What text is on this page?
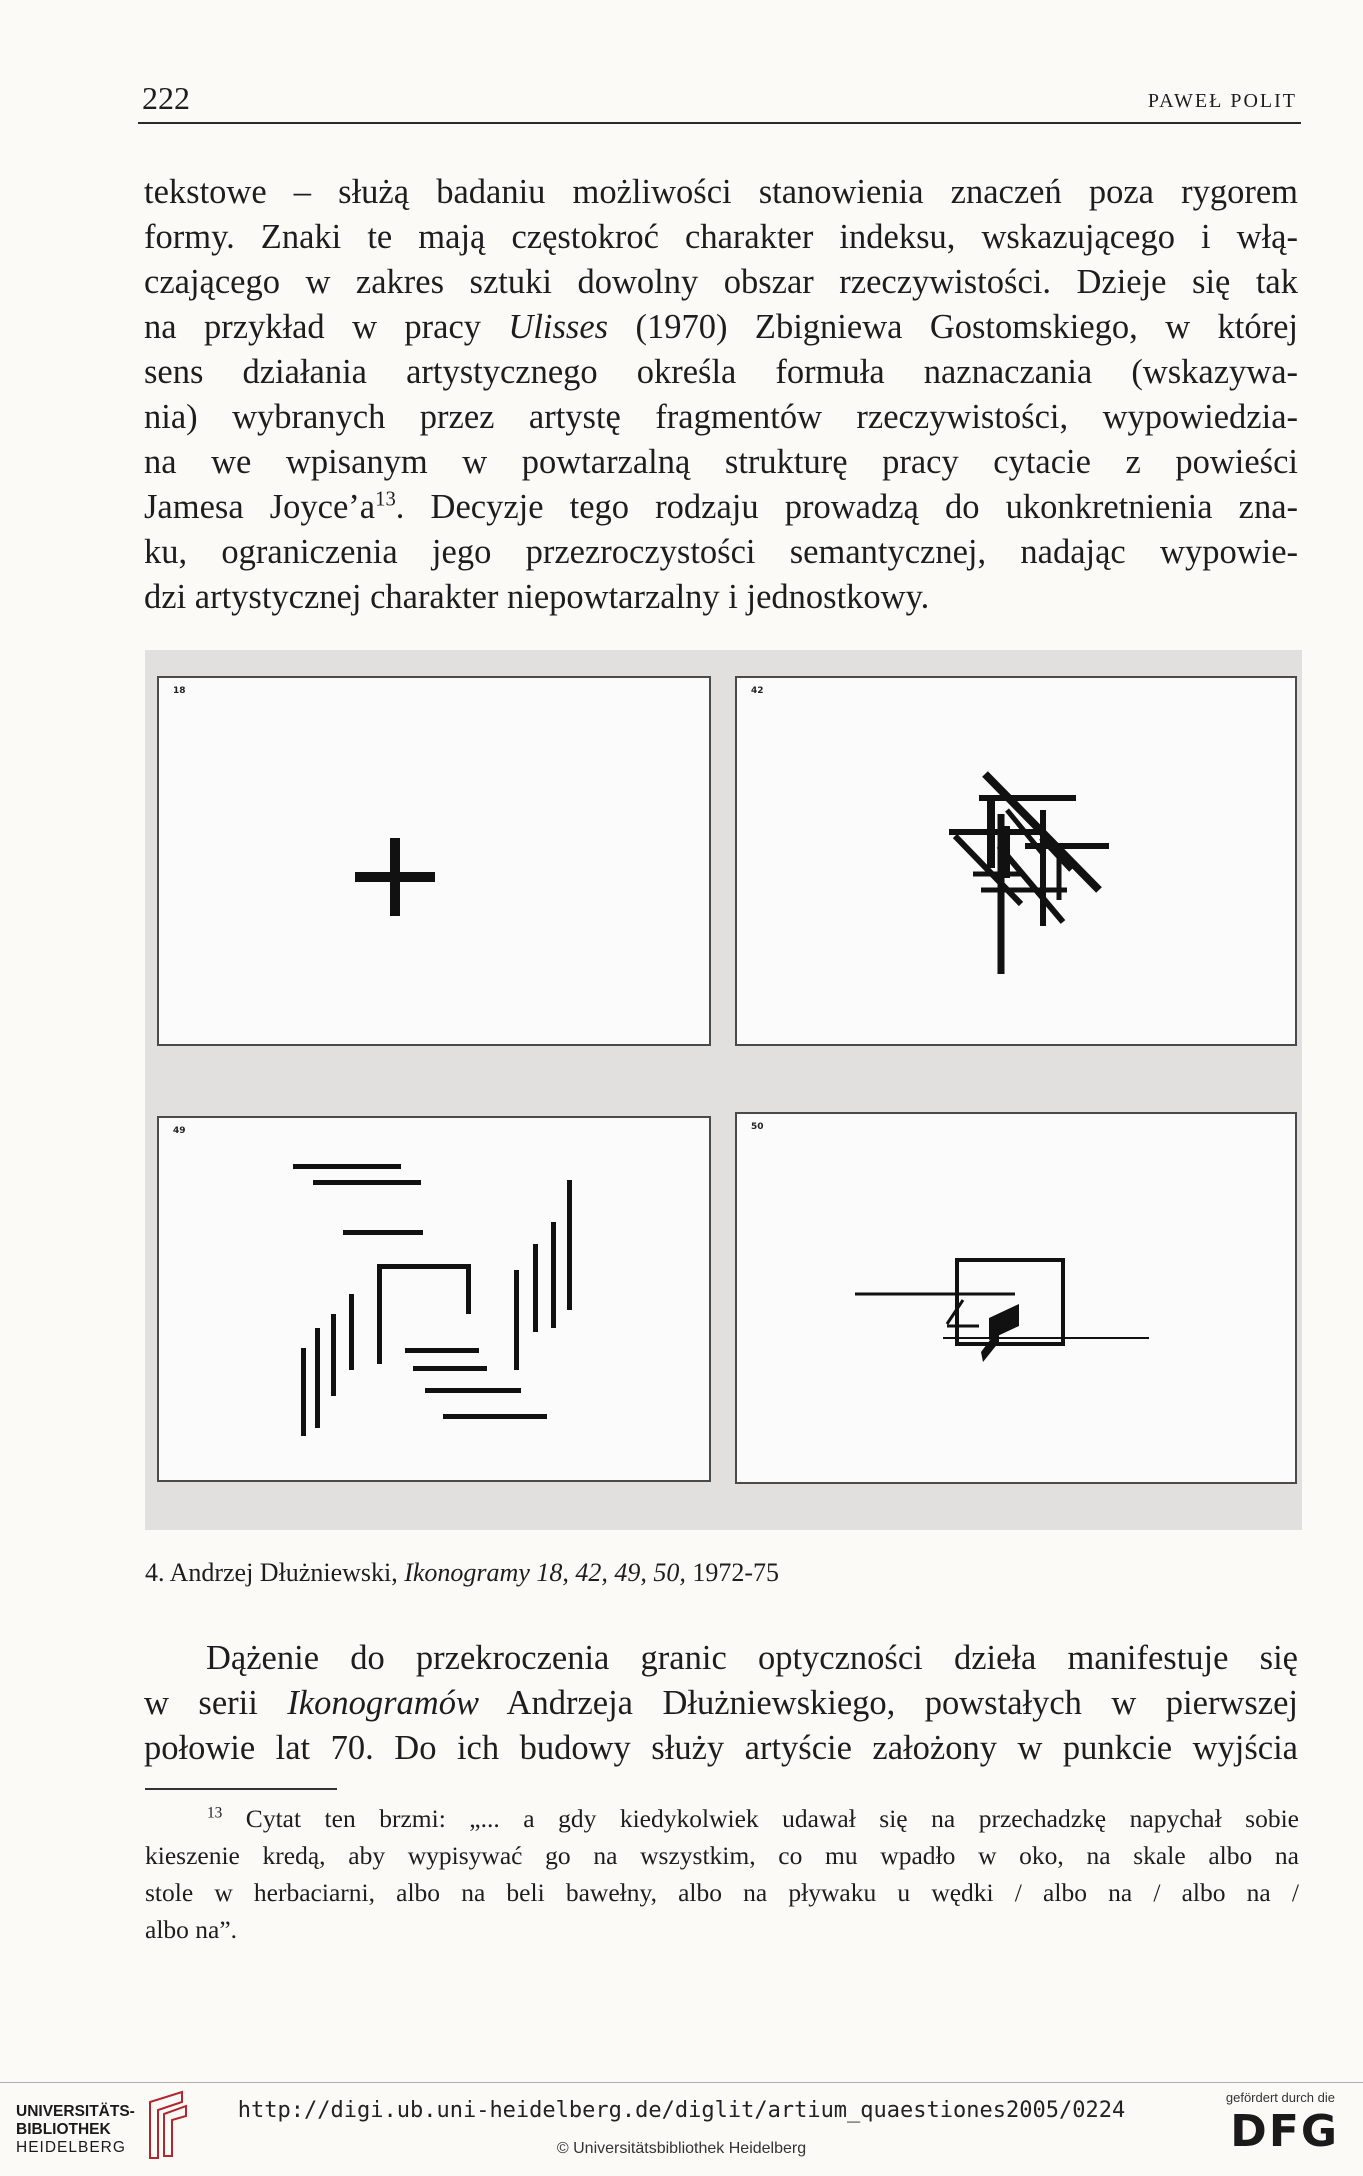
222	PAWEŁ POLIT

tekstowe – służą badaniu możliwości stanowienia znaczeń poza rygorem
formy. Znaki te mają częstokroć charakter indeksu, wskazującego i włą-
czającego w zakres sztuki dowolny obszar rzeczywistości. Dzieje się tak
na przykład w pracy Ulisses (1970) Zbigniewa Gostomskiego, w której
sens działania artystycznego określa formuła naznaczania (wskazywa-
nia) wybranych przez artystę fragmentów rzeczywistości, wypowiedzia-
na we wpisanym w powtarzalną strukturę pracy cytacie z powieści
Jamesa $Joyce’a^{13}$. Decyzje tego rodzaju prowadzą do ukonkretnienia zna-
ku, ograniczenia jego przezroczystości semantycznej, nadając wypowie-
dzi artystycznej charakter niepowtarzalny i jednostkowy.

18	42
49	50
4. Andrzej Dłużniewski, Ikonogramy 18, 42, 49, 50, 1972-75

Dążenie do przekroczenia granic optyczności dzieła manifestuje się
w serii Ikonogramów Andrzeja Dłużniewskiego, powstałych w pierwszej
połowie lat 70. Do ich budowy służy artyście założony w punkcie wyjścia

$^{13}$ Cytat ten brzmi: „... a gdy kiedykolwiek udawał się na przechadzkę napychał sobie
kieszenie kredą, aby wypisywać go na wszystkim, co mu wpadło w oko, na skale albo na
stole w herbaciarni, albo na beli bawełny, albo na pływaku u wędki / albo na / albo na /
albo na”.
UNIVERSITÄTS-
BIBLIOTHEK
HEIDELBERG
http://digi.ub.uni-heidelberg.de/diglit/artium_quaestiones2005/0224
© Universitätsbibliothek Heidelberg
gefördert durch die
DFG
